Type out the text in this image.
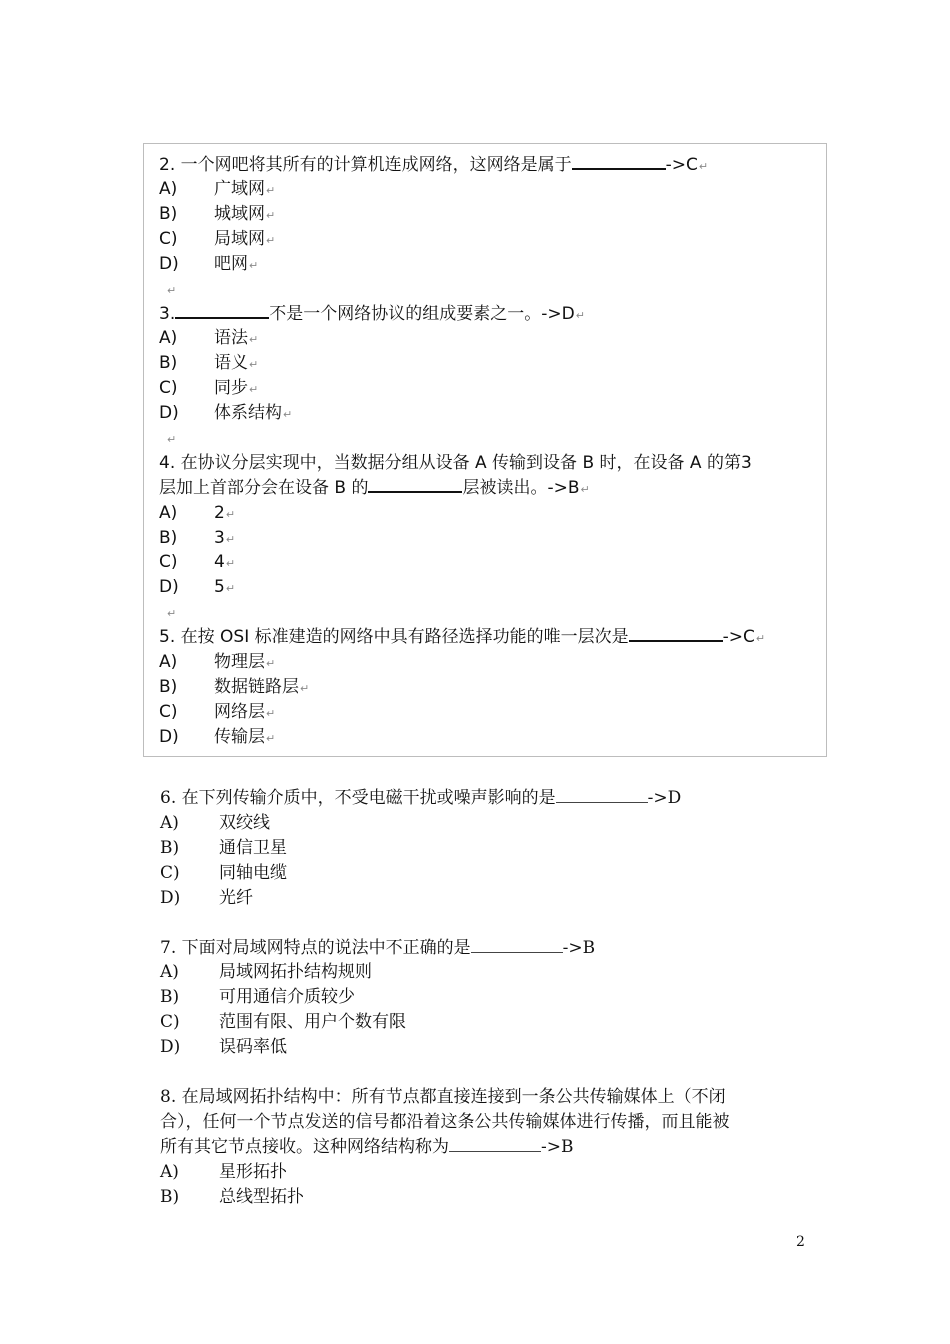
2. 一个网吧将其所有的计算机连成网络，这网络是属于	->C↵
A) 广域网↵
B) 城域网↵
C) 局域网↵
D) 吧网↵
↵
3.	不是一个网络协议的组成要素之一。->D↵
A) 语法↵
B) 语义↵
C) 同步↵
D) 体系结构↵
↵
4. 在协议分层实现中，当数据分组从设备 A 传输到设备 B 时，在设备 A 的第3
层加上首部分会在设备 B 的	层被读出。->B↵
A) 2↵
B) 3↵
C) 4↵
D) 5↵
↵
5. 在按 OSI 标准建造的网络中具有路径选择功能的唯一层次是	->C↵
A) 物理层↵
B) 数据链路层↵
C) 网络层↵
D) 传输层↵
6. 在下列传输介质中，不受电磁干扰或噪声影响的是	->D
A) 双绞线
B) 通信卫星
C) 同轴电缆
D) 光纤
7. 下面对局域网特点的说法中不正确的是	->B
A) 局域网拓扑结构规则
B) 可用通信介质较少
C) 范围有限、用户个数有限
D) 误码率低
8. 在局域网拓扑结构中：所有节点都直接连接到一条公共传输媒体上（不闭
合），任何一个节点发送的信号都沿着这条公共传输媒体进行传播，而且能被
所有其它节点接收。这种网络结构称为	->B
A) 星形拓扑
B) 总线型拓扑
2
